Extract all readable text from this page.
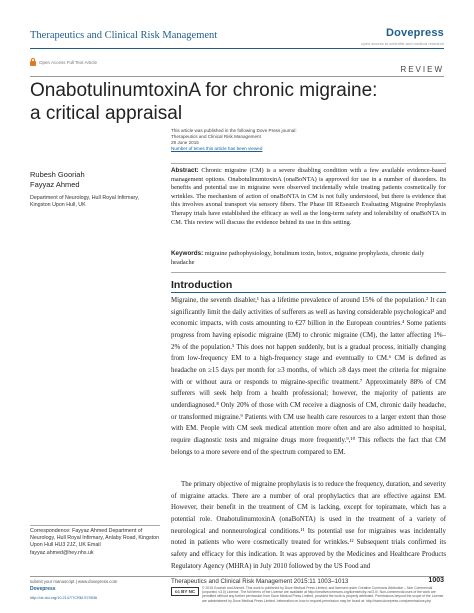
Therapeutics and Clinical Risk Management	Dovepress
open access to scientific and medical research
Open Access Full Text Article
REVIEW
OnabotulinumtoxinA for chronic migraine:
a critical appraisal
This article was published in the following Dove Press journal:
Therapeutics and Clinical Risk Management
29 June 2015
Number of times this article has been viewed
Rubesh Gooriah
Fayyaz Ahmed
Department of Neurology, Hull Royal Infirmary, Kingston Upon Hull, UK
Abstract: Chronic migraine (CM) is a severe disabling condition with a few available evidence-based management options. OnabotulinumtoxinA (onaBoNTA) is approved for use in a number of disorders. Its benefits and potential use in migraine were observed incidentally while treating patients cosmetically for wrinkles. The mechanism of action of onaBoNTA in CM is not fully understood, but there is evidence that this involves axonal transport via sensory fibers. The Phase III REsearch Evaluating Migraine Prophylaxis Therapy trials have established the efficacy as well as the long-term safety and tolerability of onaBoNTA in CM. This review will discuss the evidence behind its use in this setting.
Keywords: migraine pathophysiology, botulinum toxin, botox, migraine prophylaxis, chronic daily headache
Introduction
Migraine, the seventh disabler,¹ has a lifetime prevalence of around 15% of the population.² It can significantly limit the daily activities of sufferers as well as having considerable psychological³ and economic impacts, with costs amounting to €27 billion in the European countries.⁴ Some patients progress from having episodic migraine (EM) to chronic migraine (CM), the latter affecting 1%–2% of the population.⁵ This does not happen suddenly, but is a gradual process, initially changing from low-frequency EM to a high-frequency stage and eventually to CM.⁶ CM is defined as headache on ≥15 days per month for ≥3 months, of which ≥8 days meet the criteria for migraine with or without aura or responds to migraine-specific treatment.⁷ Approximately 88% of CM sufferers will seek help from a health professional; however, the majority of patients are underdiagnosed.⁸ Only 20% of those with CM receive a diagnosis of CM, chronic daily headache, or transformed migraine.⁹ Patients with CM use health care resources to a larger extent than those with EM. People with CM seek medical attention more often and are also admitted to hospital, require diagnostic tests and migraine drugs more frequently.⁹,¹⁰ This reflects the fact that CM belongs to a more severe end of the spectrum compared to EM.
The primary objective of migraine prophylaxis is to reduce the frequency, duration, and severity of migraine attacks. There are a number of oral prophylactics that are effective against EM. However, their benefit in the treatment of CM is lacking, except for topiramate, which has a potential role. OnabotulinumtoxinA (onaBoNTA) is used in the treatment of a variety of neurological and nonneurological conditions.¹¹ Its potential use for migraines was incidentally noted in patients who were cosmetically treated for wrinkles.¹² Subsequent trials confirmed its safety and efficacy for this indication. It was approved by the Medicines and Healthcare Products Regulatory Agency (MHRA) in July 2010 followed by the US Food and
Correspondence: Fayyaz Ahmed Department of Neurology, Hull Royal Infirmary, Anlaby Road, Kingston Upon Hull HU3 2JZ, UK Email fayyaz.ahmed@hey.nhs.uk
submit your manuscript | www.dovepress.com
Dovepress
http://dx.doi.org/10.2147/TCRM.S79536
Therapeutics and Clinical Risk Management 2015:11 1003–1013	1003
cc BY NC
© 2015 Gooriah and Ahmed. This work is published by Dove Medical Press Limited, and licensed under Creative Commons Attribution – Non Commercial (unported, v3.0) License. The full terms of the License are available at http://creativecommons.org/licenses/by-nc/3.0/. Non-commercial uses of the work are permitted without any further permission from Dove Medical Press Limited, provided the work is properly attributed. Permissions beyond the scope of the License are administered by Dove Medical Press Limited. Information on how to request permission may be found at: http://www.dovepress.com/permissions.php
